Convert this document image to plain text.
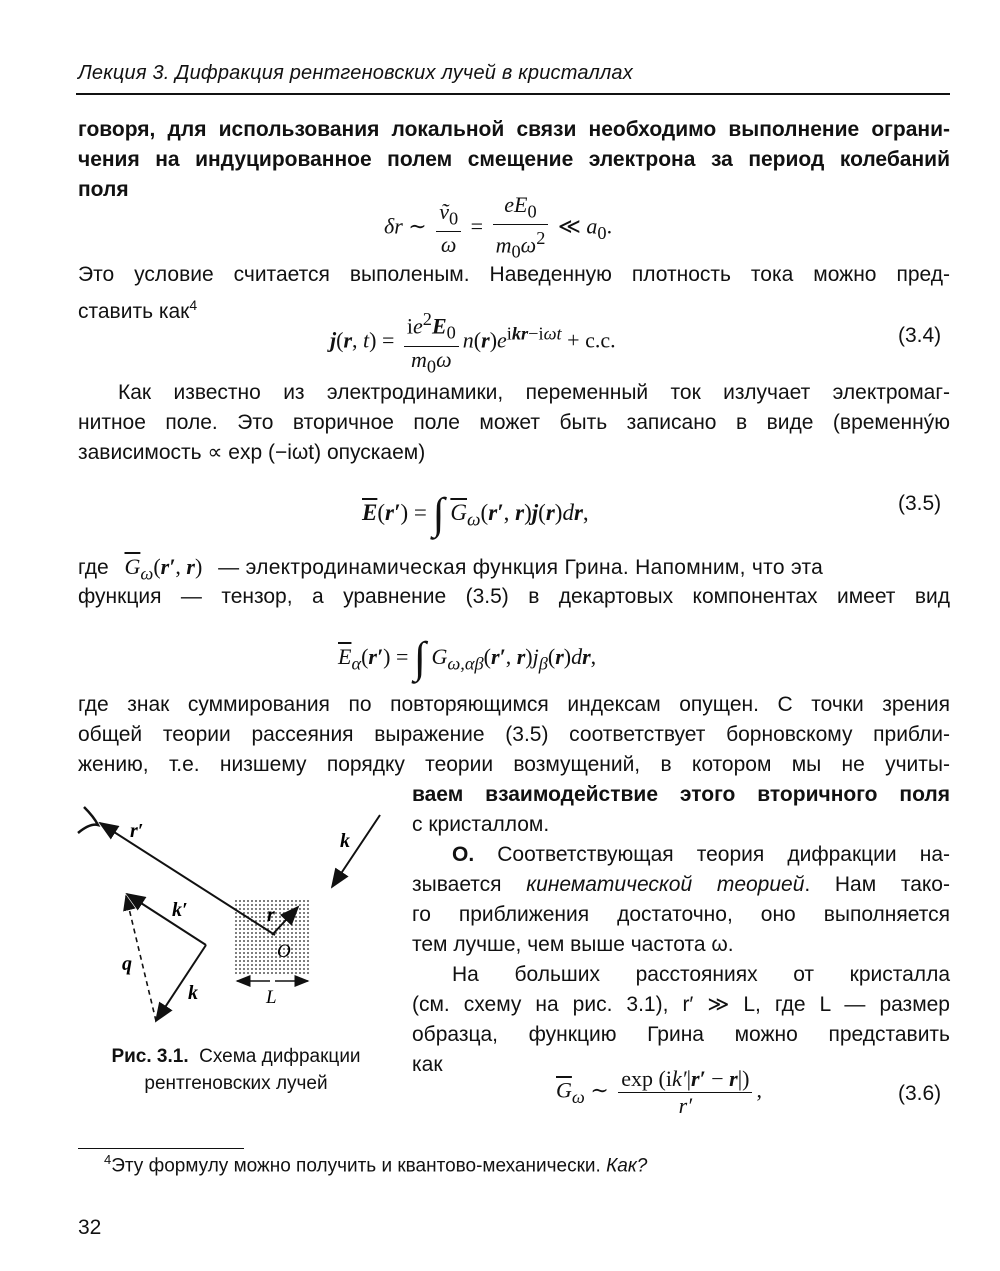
Лекция 3. Дифракция рентгеновских лучей в кристаллах
говоря, для использования локальной связи необходимо выполнение ограни-
чения на индуцированное полем смещение электрона за период колебаний
поля
δr ∼ $\frac{ṽ_0}{\omega} = \frac{eE_0}{m_0\omega^2}$ ≪ $a_0$.
Это условие считается выполеным. Наведенную плотность тока можно пред-
ставить как$^4$
j(r, $t) = \frac{ie^2E_0}{m_0\omega} n(r)e^{ikr-i\omega t} + c.c$.	(3.4)
Как известно из электродинамики, переменный ток излучает электромаг-
нитное поле. Это вторичное поле может быть записано в виде (временну́ю
зависимость ∝ exp (−iωt) опускаем)
$\overline{E}(r')$ = ∫ $\overline{G}_\omega(r'$, r)j(r)dr,	(3.5)
где $\overline{G}_\omega(r'$, r) — электродинамическая функция Грина. Напомним, что эта
функция — тензор, а уравнение (3.5) в декартовых компонентах имеет вид
$\overline{E}_\alpha(r')$ = ∫ $G_{\omega,\alpha\beta}(r'$, $r)j_\beta(r)dr$,
где знак суммирования по повторяющимся индексам опущен. С точки зрения
общей теории рассеяния выражение (3.5) соответствует борновскому прибли-
жению, т.е. низшему порядку теории возмущений, в котором мы не учиты-
ваем взаимодействие этого вторичного поля
с кристаллом.
О. Соответствующая теория дифракции на-
зывается кинематической теорией. Нам тако-
го приближения достаточно, оно выполняется
тем лучше, чем выше частота ω.
На больших расстояниях от кристалла
(см. схему на рис. 3.1), r′ ≫ L, где L — размер
образца, функцию Грина можно представить
как
$\overline{G}_\omega$ ∼ $\frac{\exp (ik'|r' - r|)}{r'}$ ,	(3.6)
r′	k
k′
q
k
r
O
L
Рис. 3.1. Схема дифракции
рентгеновских лучей
$^4$Эту формулу можно получить и квантово-механически. Как?
32
